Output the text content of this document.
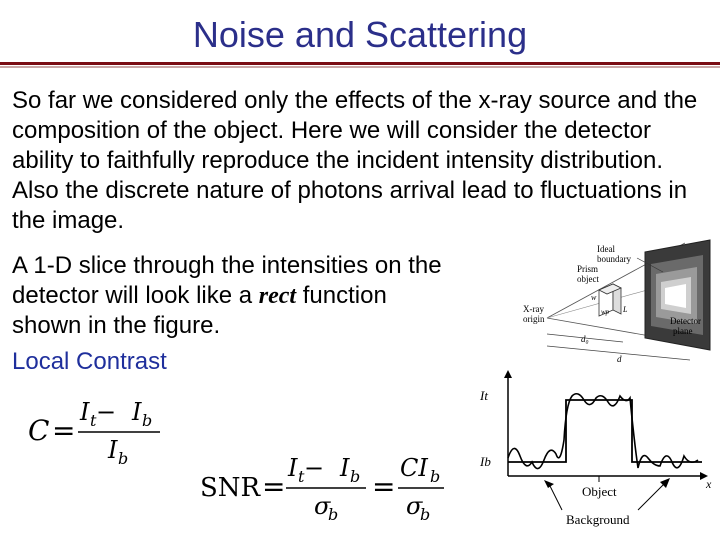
Noise and Scattering
So far we considered only the effects of the x-ray source and the composition of the object. Here we will consider the detector ability to faithfully reproduce the incident intensity distribution. Also the discrete nature of photons arrival lead to fluctuations in the image.
A 1-D slice through the intensities on the detector will look like a rect function shown in the figure.
Local Contrast
C =
I t − I b
I b
SNR =
I t − I b
σ
b
=
CI b
σ
b
Ideal
boundary
Prism
object
X-ray
origin	Detector
plane
w
wp L
d₀
d
It
Ib
x
Object
Background
